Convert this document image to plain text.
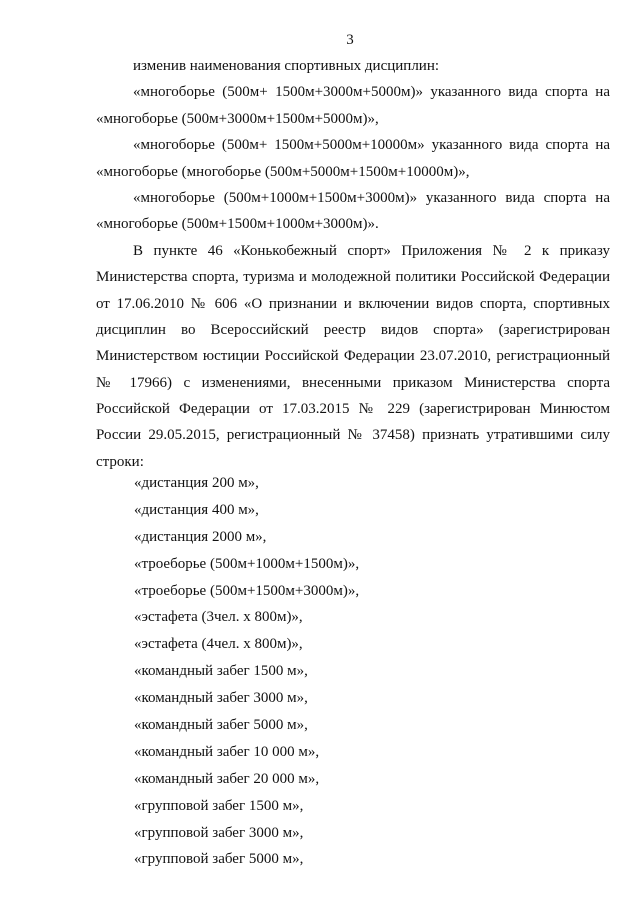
3

изменив наименования спортивных дисциплин:

«многоборье (500м+ 1500м+3000м+5000м)» указанного вида спорта на

«многоборье (500м+3000м+1500м+5000м)»,

«многоборье (500м+ 1500м+5000м+10000м» указанного вида спорта на

«многоборье (многоборье (500м+5000м+1500м+10000м)»,

«многоборье (500м+1000м+1500м+3000м)» указанного вида спорта на

«многоборье (500м+1500м+1000м+3000м)».

В пункте 46 «Конькобежный спорт» Приложения № 2 к приказу

Министерства спорта, туризма и молодежной политики Российской Федерации

от 17.06.2010 № 606 «О признании и включении видов спорта, спортивных

дисциплин во Всероссийский реестр видов спорта» (зарегистрирован

Министерством юстиции Российской Федерации 23.07.2010, регистрационный

№ 17966) с изменениями, внесенными приказом Министерства спорта

Российской Федерации от 17.03.2015 № 229 (зарегистрирован Минюстом

России 29.05.2015, регистрационный № 37458) признать утратившими силу

строки:

«дистанция 200 м»,

«дистанция 400 м»,

«дистанция 2000 м»,

«троеборье (500м+1000м+1500м)»,

«троеборье (500м+1500м+3000м)»,

«эстафета (3чел. х 800м)»,

«эстафета (4чел. х 800м)»,

«командный забег 1500 м»,

«командный забег 3000 м»,

«командный забег 5000 м»,

«командный забег 10 000 м»,

«командный забег 20 000 м»,

«групповой забег 1500 м»,

«групповой забег 3000 м»,

«групповой забег 5000 м»,
